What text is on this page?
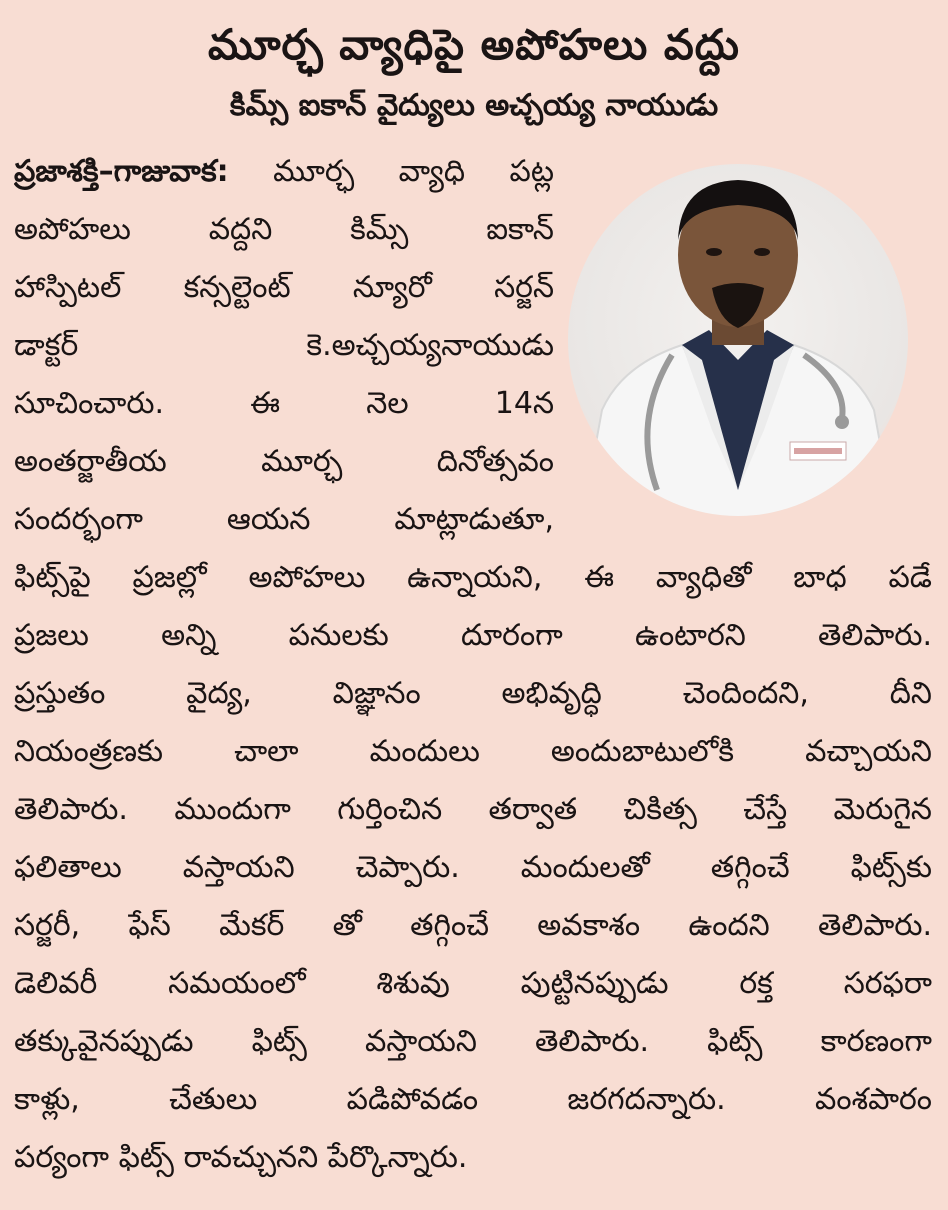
మూర్ఛ వ్యాధిపై అపోహలు వద్దు
కిమ్స్ ఐకాన్ వైద్యులు అచ్చయ్య నాయుడు
ప్రజాశక్తి–గాజువాక: మూర్ఛ వ్యాధి పట్ల
అపోహలు వద్దని కిమ్స్ ఐకాన్
హాస్పిటల్ కన్సల్టెంట్ న్యూరో సర్జన్
డాక్టర్ కె.అచ్చయ్యనాయుడు
సూచించారు. ఈ నెల 14న
అంతర్జాతీయ మూర్ఛ దినోత్సవం
సందర్భంగా ఆయన మాట్లాడుతూ,
ఫిట్స్‌పై ప్రజల్లో అపోహలు ఉన్నాయని, ఈ వ్యాధితో బాధ పడే
ప్రజలు అన్ని పనులకు దూరంగా ఉంటారని తెలిపారు.
ప్రస్తుతం వైద్య, విజ్ఞానం అభివృద్ధి చెందిందని, దీని
నియంత్రణకు చాలా మందులు అందుబాటులోకి వచ్చాయని
తెలిపారు. ముందుగా గుర్తించిన తర్వాత చికిత్స చేస్తే మెరుగైన
ఫలితాలు వస్తాయని చెప్పారు. మందులతో తగ్గించే ఫిట్స్‌కు
సర్జరీ, ఫేస్ మేకర్ తో తగ్గించే అవకాశం ఉందని తెలిపారు.
డెలివరీ సమయంలో శిశువు పుట్టినప్పుడు రక్త సరఫరా
తక్కువైనప్పుడు ఫిట్స్ వస్తాయని తెలిపారు. ఫిట్స్ కారణంగా
కాళ్లు, చేతులు పడిపోవడం జరగదన్నారు. వంశపారం
పర్యంగా ఫిట్స్ రావచ్చునని పేర్కొన్నారు.
